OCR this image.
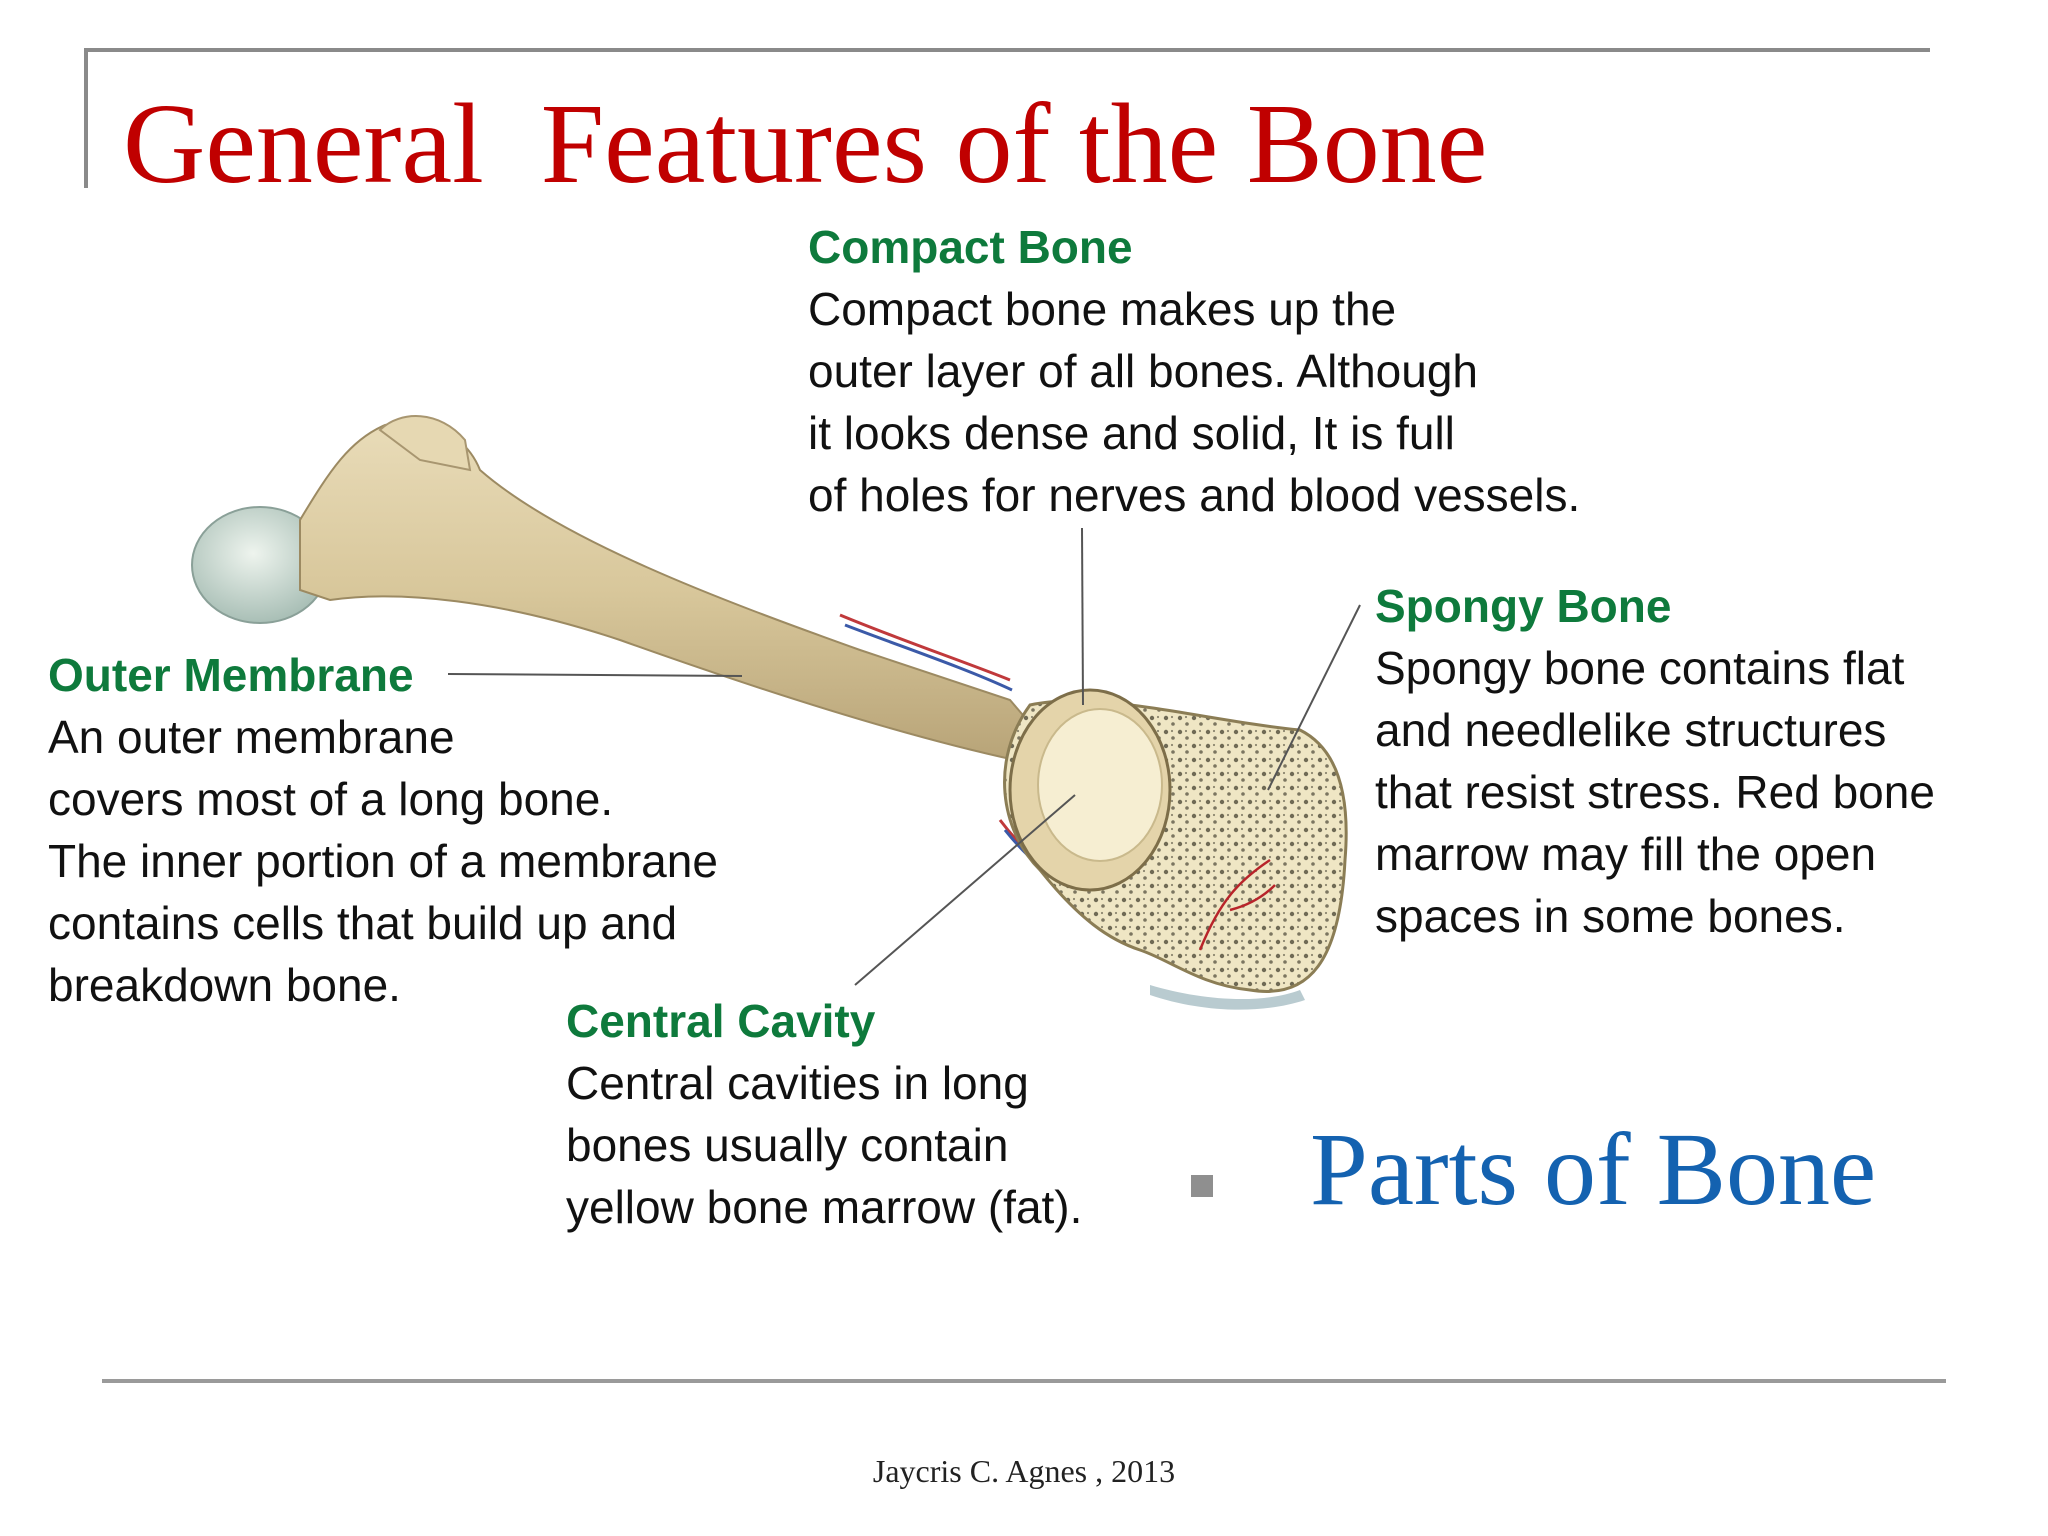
General  Features of the Bone
Compact Bone
Compact bone makes up the
outer layer of all bones. Although
it looks dense and solid, It is full
of holes for nerves and blood vessels.
Spongy Bone
Spongy bone contains flat
and needlelike structures
that resist stress. Red bone
marrow may fill the open
spaces in some bones.
Outer Membrane
An outer membrane
covers most of a long bone.
The inner portion of a membrane
contains cells that build up and
breakdown bone.
Central Cavity
Central cavities in long
bones usually contain
yellow bone marrow (fat). Parts of Bone
Jaycris C. Agnes , 2013
